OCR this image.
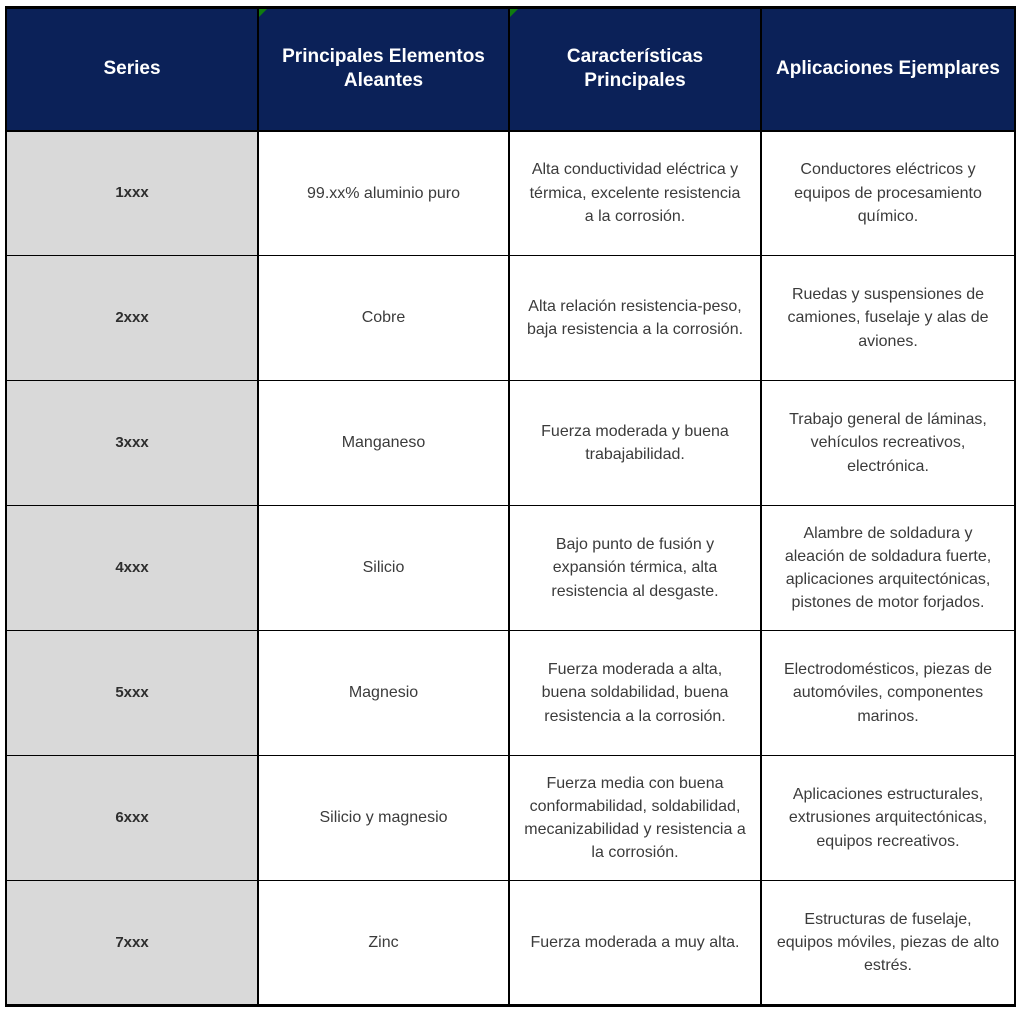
Series	Principales Elementos Aleantes	Características Principales	Aplicaciones Ejemplares
1xxx	99.xx% aluminio puro	Alta conductividad eléctrica y térmica, excelente resistencia a la corrosión.	Conductores eléctricos y equipos de procesamiento químico.
2xxx	Cobre	Alta relación resistencia-peso, baja resistencia a la corrosión.	Ruedas y suspensiones de camiones, fuselaje y alas de aviones.
3xxx	Manganeso	Fuerza moderada y buena trabajabilidad.	Trabajo general de láminas, vehículos recreativos, electrónica.
4xxx	Silicio	Bajo punto de fusión y expansión térmica, alta resistencia al desgaste.	Alambre de soldadura y aleación de soldadura fuerte, aplicaciones arquitectónicas, pistones de motor forjados.
5xxx	Magnesio	Fuerza moderada a alta, buena soldabilidad, buena resistencia a la corrosión.	Electrodomésticos, piezas de automóviles, componentes marinos.
6xxx	Silicio y magnesio	Fuerza media con buena conformabilidad, soldabilidad, mecanizabilidad y resistencia a la corrosión.	Aplicaciones estructurales, extrusiones arquitectónicas, equipos recreativos.
7xxx	Zinc	Fuerza moderada a muy alta.	Estructuras de fuselaje, equipos móviles, piezas de alto estrés.
